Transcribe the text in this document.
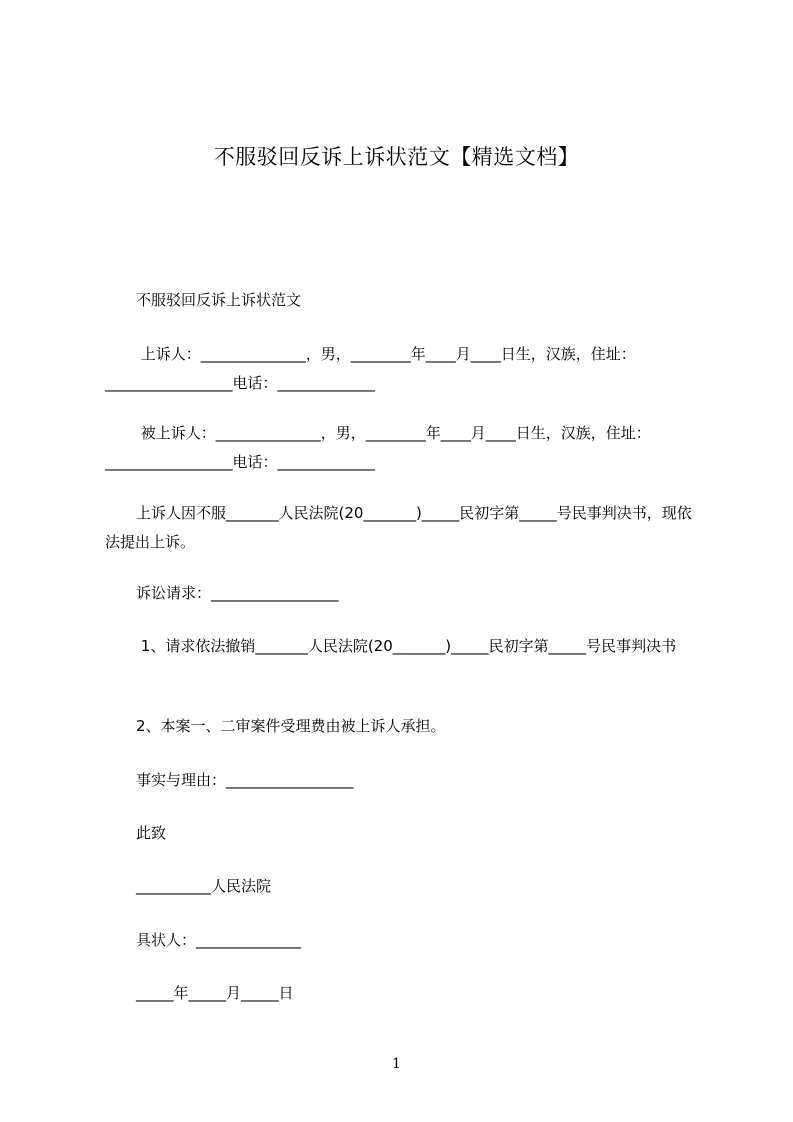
不服驳回反诉上诉状范文【精选文档】

不服驳回反诉上诉状范文

上诉人：______________，男，________年____月____日生，汉族，住址：_________________电话：_____________

被上诉人：______________，男，________年____月____日生，汉族，住址：_________________电话：_____________

上诉人因不服_______人民法院(20_______)_____民初字第_____号民事判决书，现依法提出上诉。

诉讼请求：_________________

1、请求依法撤销_______人民法院(20_______)_____民初字第_____号民事判决书

2、本案一、二审案件受理费由被上诉人承担。

事实与理由：_________________

此致

__________人民法院

具状人：______________

_____年_____月_____日

1
